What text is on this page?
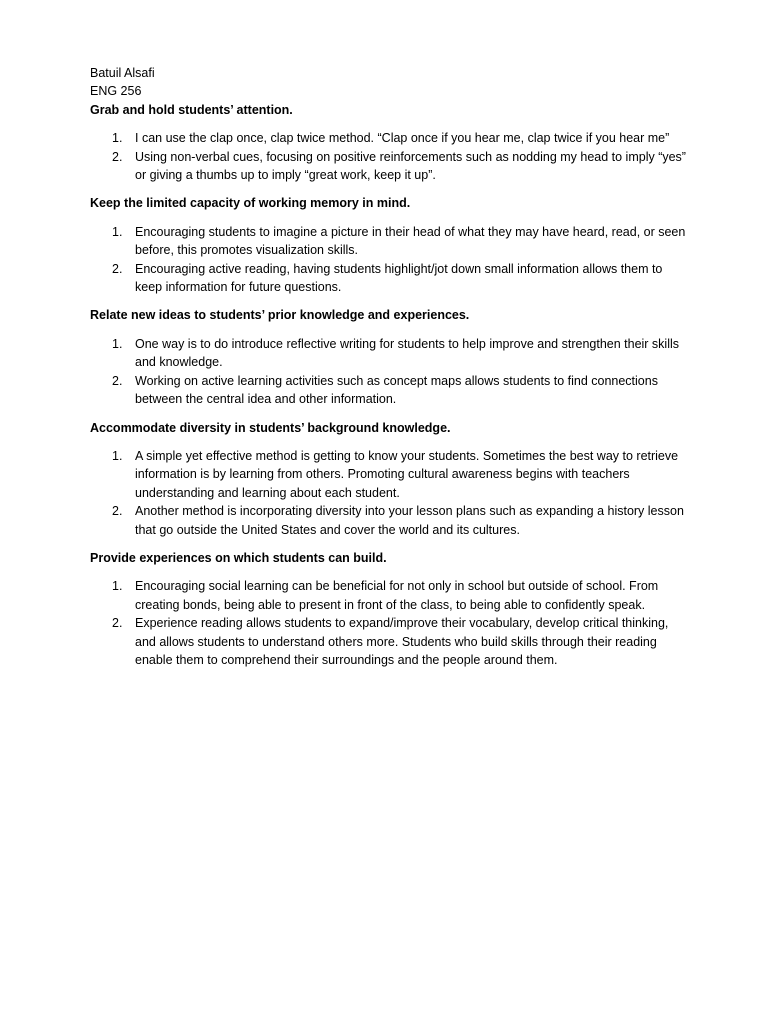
Batuil Alsafi
ENG 256
Grab and hold students’ attention.
1. I can use the clap once, clap twice method. “Clap once if you hear me, clap twice if you hear me”
2. Using non-verbal cues, focusing on positive reinforcements such as nodding my head to imply “yes” or giving a thumbs up to imply “great work, keep it up”.
Keep the limited capacity of working memory in mind.
1. Encouraging students to imagine a picture in their head of what they may have heard, read, or seen before, this promotes visualization skills.
2. Encouraging active reading, having students highlight/jot down small information allows them to keep information for future questions.
Relate new ideas to students’ prior knowledge and experiences.
1. One way is to do introduce reflective writing for students to help improve and strengthen their skills and knowledge.
2. Working on active learning activities such as concept maps allows students to find connections between the central idea and other information.
Accommodate diversity in students’ background knowledge.
1. A simple yet effective method is getting to know your students. Sometimes the best way to retrieve information is by learning from others. Promoting cultural awareness begins with teachers understanding and learning about each student.
2. Another method is incorporating diversity into your lesson plans such as expanding a history lesson that go outside the United States and cover the world and its cultures.
Provide experiences on which students can build.
1. Encouraging social learning can be beneficial for not only in school but outside of school. From creating bonds, being able to present in front of the class, to being able to confidently speak.
2. Experience reading allows students to expand/improve their vocabulary, develop critical thinking, and allows students to understand others more. Students who build skills through their reading enable them to comprehend their surroundings and the people around them.
